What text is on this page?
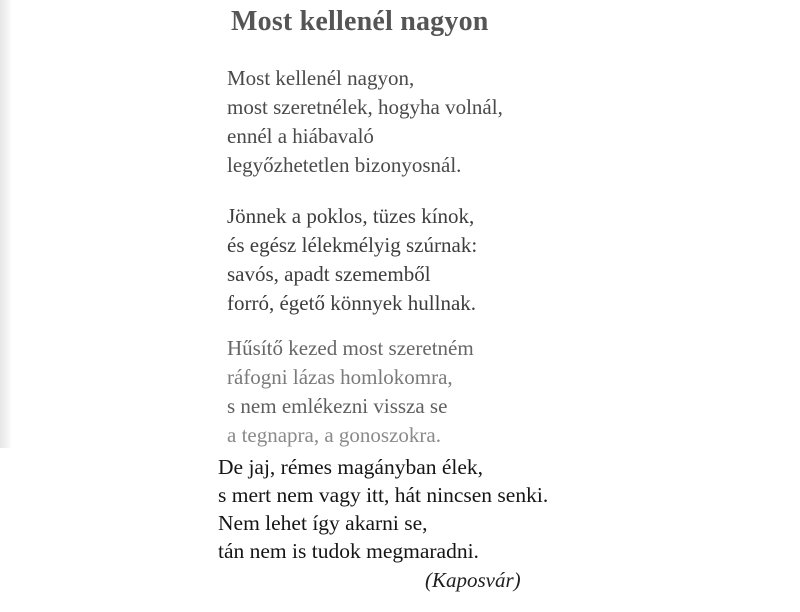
Most kellenél nagyon
Most kellenél nagyon,
most szeretnélek, hogyha volnál,
ennél a hiábavaló
legyőzhetetlen bizonyosnál.
Jönnek a poklos, tüzes kínok,
és egész lélekmélyig szúrnak:
savós, apadt szememből
forró, égető könnyek hullnak.
Hűsítő kezed most szeretném
ráfogni lázas homlokomra,
s nem emlékezni vissza se
a tegnapra, a gonoszokra.
De jaj, rémes magányban élek,
s mert nem vagy itt, hát nincsen senki.
Nem lehet így akarni se,
tán nem is tudok megmaradni.

(Kaposvár)
